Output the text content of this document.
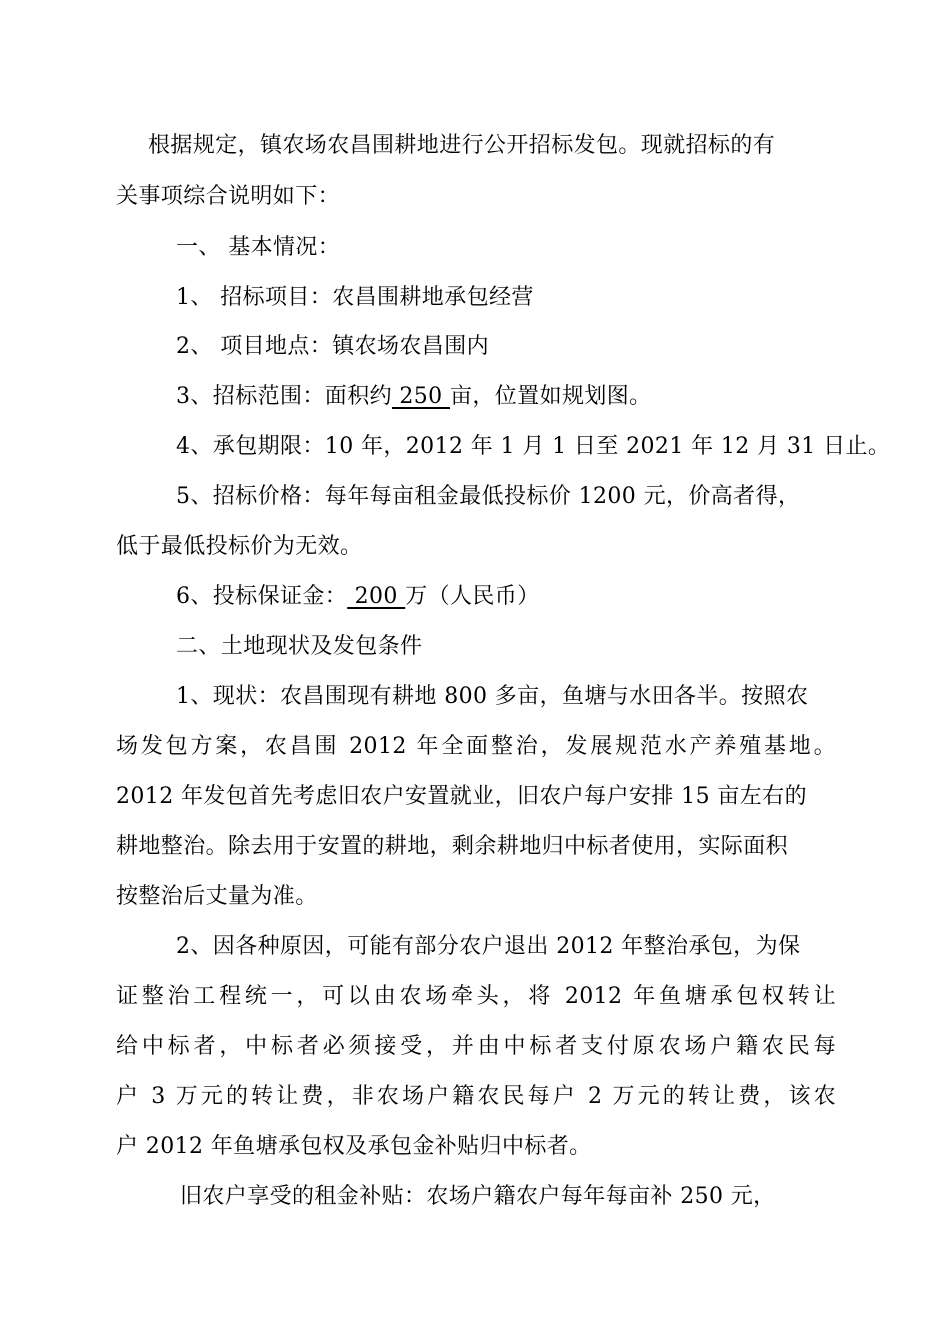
根据规定，镇农场农昌围耕地进行公开招标发包。现就招标的有
关事项综合说明如下：
一、 基本情况：
1、 招标项目：农昌围耕地承包经营
2、 项目地点：镇农场农昌围内
3、招标范围：面积约 250 亩，位置如规划图。
4、承包期限：10 年，2012 年 1 月 1 日至 2021 年 12 月 31 日止。
5、招标价格：每年每亩租金最低投标价 1200 元，价高者得，
低于最低投标价为无效。
6、投标保证金： 200 万（人民币）
二、土地现状及发包条件
1、现状：农昌围现有耕地 800 多亩，鱼塘与水田各半。按照农
场发包方案，农昌围 2012 年全面整治，发展规范水产养殖基地。
2012 年发包首先考虑旧农户安置就业，旧农户每户安排 15 亩左右的
耕地整治。除去用于安置的耕地，剩余耕地归中标者使用，实际面积
按整治后丈量为准。
2、因各种原因，可能有部分农户退出 2012 年整治承包，为保
证整治工程统一，可以由农场牵头，将 2012 年鱼塘承包权转让
给中标者，中标者必须接受，并由中标者支付原农场户籍农民每
户 3 万元的转让费，非农场户籍农民每户 2 万元的转让费，该农
户 2012 年鱼塘承包权及承包金补贴归中标者。
旧农户享受的租金补贴：农场户籍农户每年每亩补 250 元，
